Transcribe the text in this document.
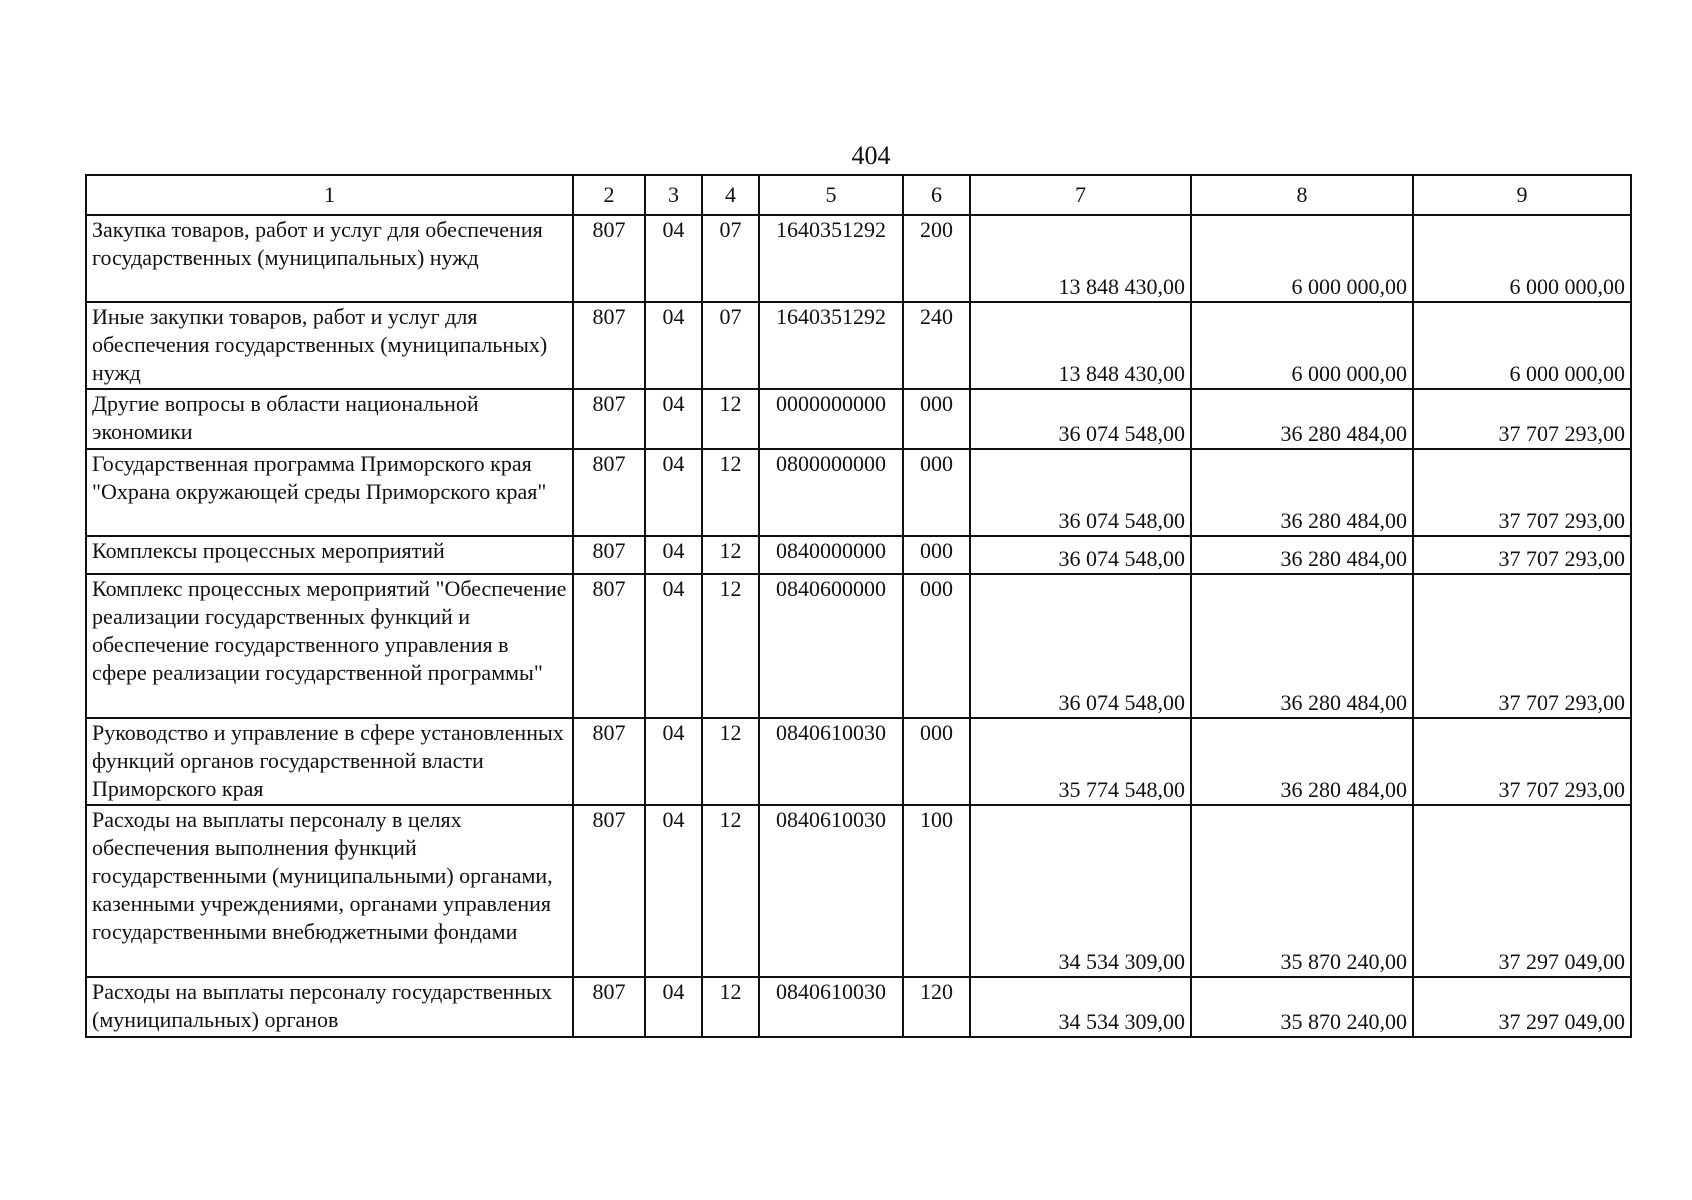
404
1	2	3	4	5	6	7	8	9
Закупка товаров, работ и услуг для обеспечения государственных (муниципальных) нужд	807	04	07	1640351292	200	13 848 430,00	6 000 000,00	6 000 000,00
Иные закупки товаров, работ и услуг для обеспечения государственных (муниципальных) нужд	807	04	07	1640351292	240	13 848 430,00	6 000 000,00	6 000 000,00
Другие вопросы в области национальной экономики	807	04	12	0000000000	000	36 074 548,00	36 280 484,00	37 707 293,00
Государственная программа Приморского края "Охрана окружающей среды Приморского края"	807	04	12	0800000000	000	36 074 548,00	36 280 484,00	37 707 293,00
Комплексы процессных мероприятий	807	04	12	0840000000	000	36 074 548,00	36 280 484,00	37 707 293,00
Комплекс процессных мероприятий "Обеспечение реализации государственных функций и обеспечение государственного управления в сфере реализации государственной программы"	807	04	12	0840600000	000	36 074 548,00	36 280 484,00	37 707 293,00
Руководство и управление в сфере установленных функций органов государственной власти Приморского края	807	04	12	0840610030	000	35 774 548,00	36 280 484,00	37 707 293,00
Расходы на выплаты персоналу в целях обеспечения выполнения функций государственными (муниципальными) органами, казенными учреждениями, органами управления государственными внебюджетными фондами	807	04	12	0840610030	100	34 534 309,00	35 870 240,00	37 297 049,00
Расходы на выплаты персоналу государственных (муниципальных) органов	807	04	12	0840610030	120	34 534 309,00	35 870 240,00	37 297 049,00
